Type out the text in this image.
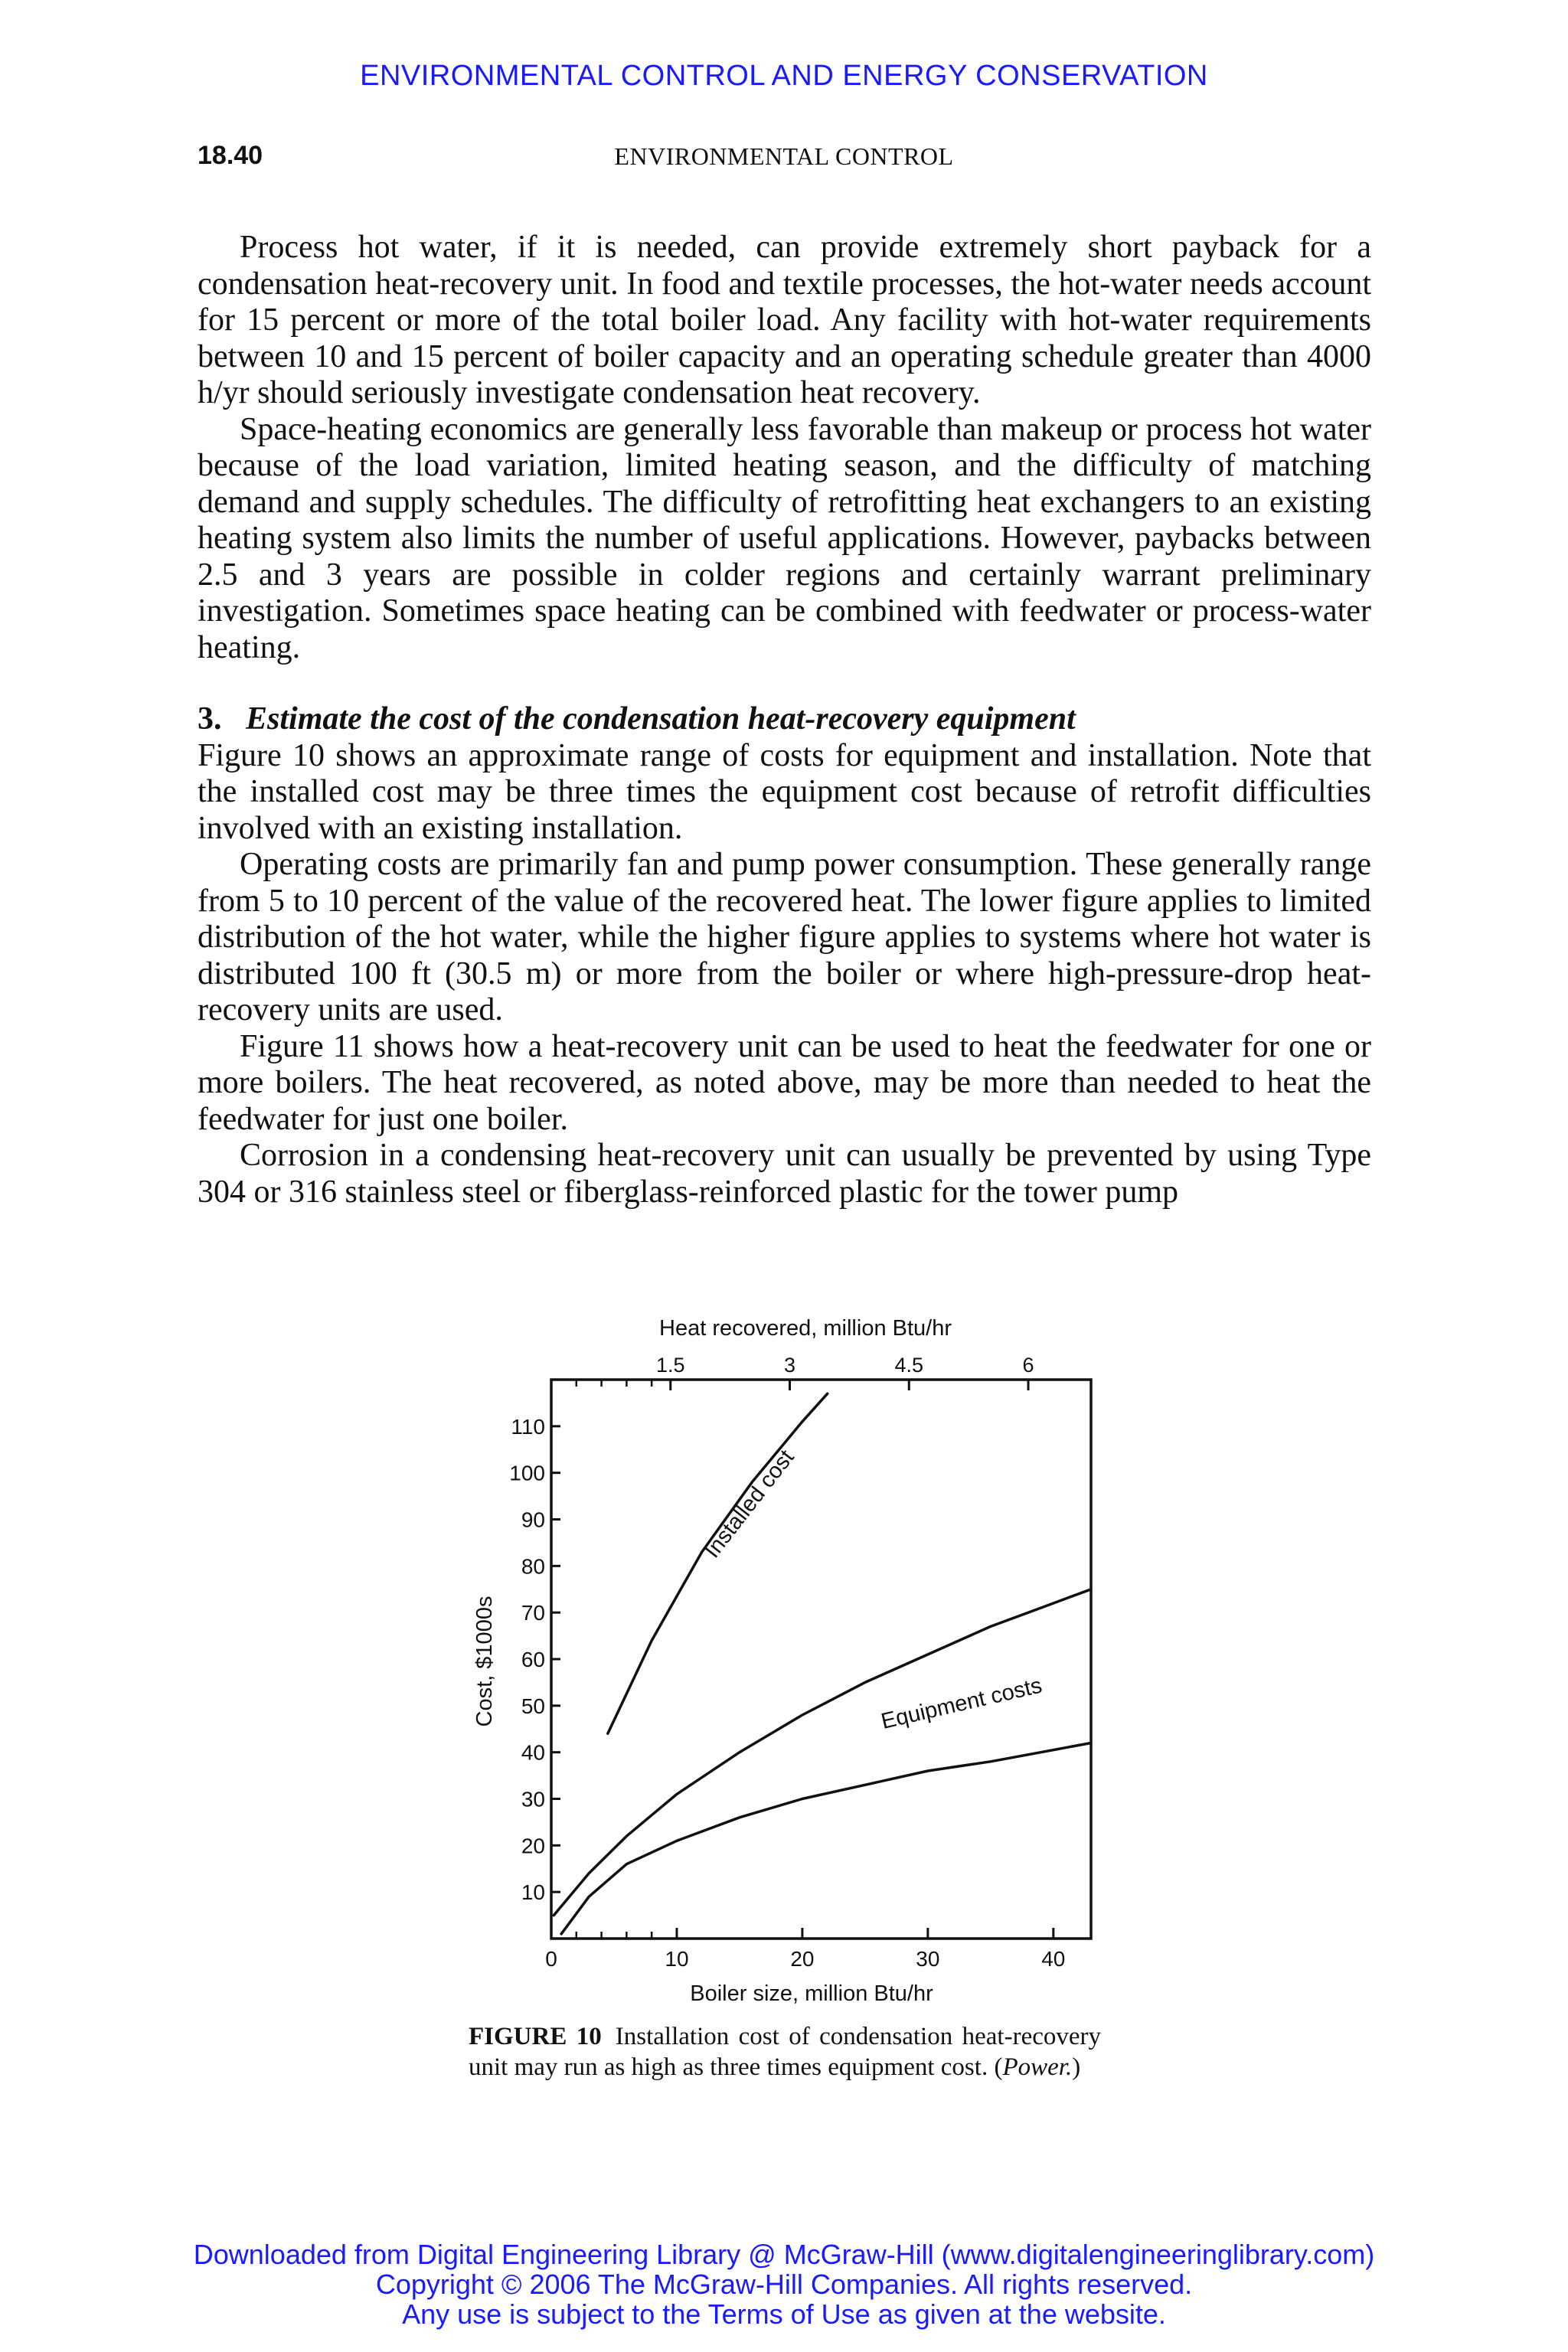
ENVIRONMENTAL CONTROL AND ENERGY CONSERVATION
18.40	ENVIRONMENTAL CONTROL

Process hot water, if it is needed, can provide extremely short payback for a condensation heat-recovery unit. In food and textile processes, the hot-water needs account for 15 percent or more of the total boiler load. Any facility with hot-water requirements between 10 and 15 percent of boiler capacity and an operating schedule greater than 4000 h/yr should seriously investigate condensation heat recovery.

Space-heating economics are generally less favorable than makeup or process hot water because of the load variation, limited heating season, and the difficulty of matching demand and supply schedules. The difficulty of retrofitting heat exchangers to an existing heating system also limits the number of useful applications. However, paybacks between 2.5 and 3 years are possible in colder regions and certainly warrant preliminary investigation. Sometimes space heating can be combined with feedwater or process-water heating.

3. Estimate the cost of the condensation heat-recovery equipment

Figure 10 shows an approximate range of costs for equipment and installation. Note that the installed cost may be three times the equipment cost because of retrofit difficulties involved with an existing installation.

Operating costs are primarily fan and pump power consumption. These generally range from 5 to 10 percent of the value of the recovered heat. The lower figure applies to limited distribution of the hot water, while the higher figure applies to systems where hot water is distributed 100 ft (30.5 m) or more from the boiler or where high-pressure-drop heat-recovery units are used.

Figure 11 shows how a heat-recovery unit can be used to heat the feedwater for one or more boilers. The heat recovered, as noted above, may be more than needed to heat the feedwater for just one boiler.

Corrosion in a condensing heat-recovery unit can usually be prevented by using Type 304 or 316 stainless steel or fiberglass-reinforced plastic for the tower pump

Heat recovered, million Btu/hr
1.5	3	4.5	6
10
20
30
40
50
60
70
80
90
100
110
0	10	20	30	40
Installed cost
Equipment costs
Boiler size, million Btu/hr
Cost, $1000s
FIGURE 10 Installation cost of condensation heat-recovery unit may run as high as three times equipment cost. (Power.)
Downloaded from Digital Engineering Library @ McGraw-Hill (www.digitalengineeringlibrary.com)
Copyright © 2006 The McGraw-Hill Companies. All rights reserved.
Any use is subject to the Terms of Use as given at the website.
